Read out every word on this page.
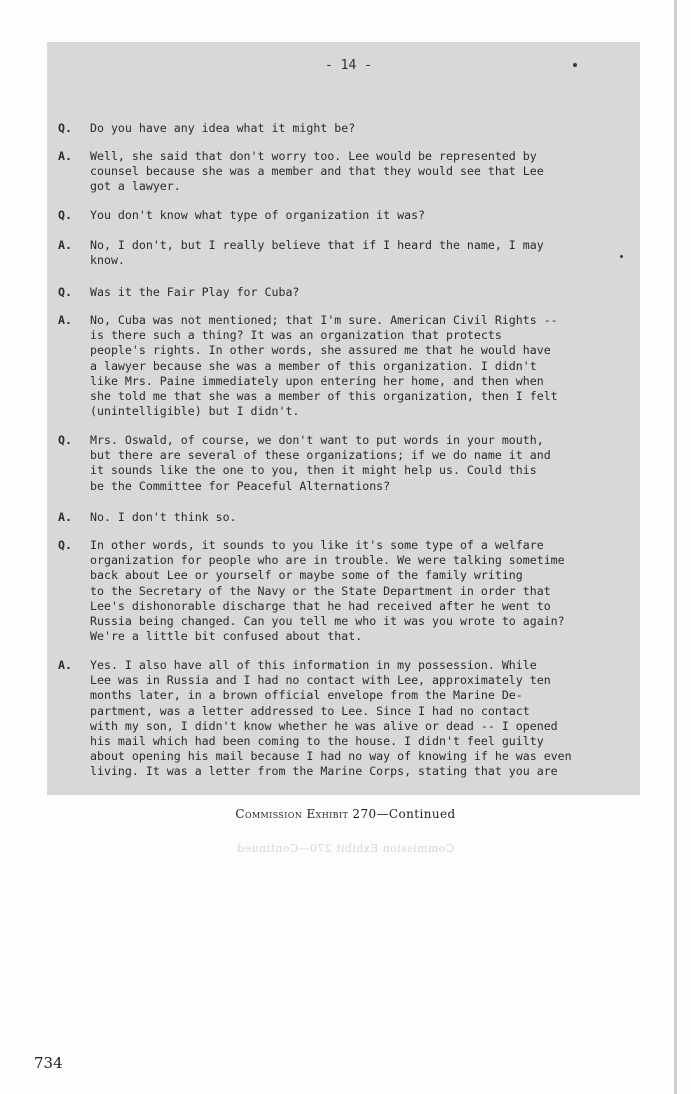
- 14 -
Q.	Do you have any idea what it might be?
A.	Well, she said that don't worry too. Lee would be represented by
counsel because she was a member and that they would see that Lee
got a lawyer.
Q.	You don't know what type of organization it was?
A.	No, I don't, but I really believe that if I heard the name, I may
know.
Q.	Was it the Fair Play for Cuba?
A.	No, Cuba was not mentioned; that I'm sure. American Civil Rights --
is there such a thing? It was an organization that protects
people's rights. In other words, she assured me that he would have
a lawyer because she was a member of this organization. I didn't
like Mrs. Paine immediately upon entering her home, and then when
she told me that she was a member of this organization, then I felt
(unintelligible) but I didn't.
Q.	Mrs. Oswald, of course, we don't want to put words in your mouth,
but there are several of these organizations; if we do name it and
it sounds like the one to you, then it might help us. Could this
be the Committee for Peaceful Alternations?
A.	No. I don't think so.
Q.	In other words, it sounds to you like it's some type of a welfare
organization for people who are in trouble. We were talking sometime
back about Lee or yourself or maybe some of the family writing
to the Secretary of the Navy or the State Department in order that
Lee's dishonorable discharge that he had received after he went to
Russia being changed. Can you tell me who it was you wrote to again?
We're a little bit confused about that.
A.	Yes. I also have all of this information in my possession. While
Lee was in Russia and I had no contact with Lee, approximately ten
months later, in a brown official envelope from the Marine De-
partment, was a letter addressed to Lee. Since I had no contact
with my son, I didn't know whether he was alive or dead -- I opened
his mail which had been coming to the house. I didn't feel guilty
about opening his mail because I had no way of knowing if he was even
living. It was a letter from the Marine Corps, stating that you are
Commission Exhibit 270—Continued
Commission Exhibit 270—Continued
734
